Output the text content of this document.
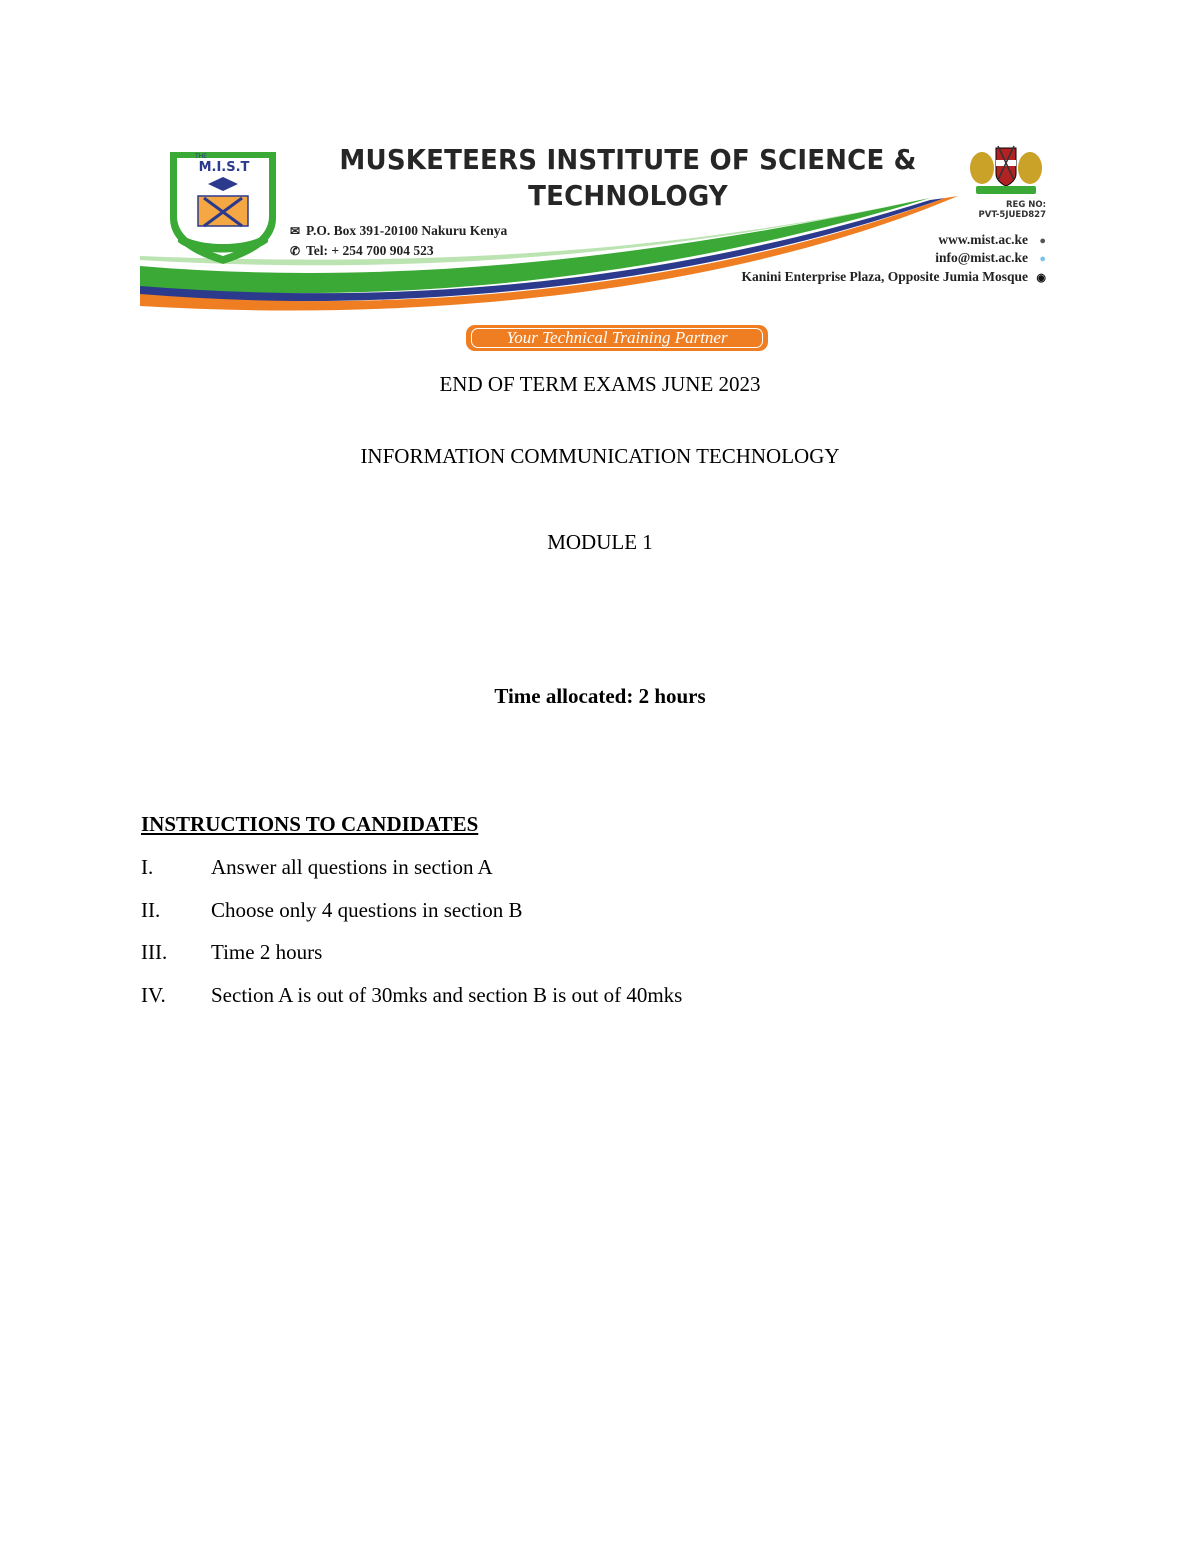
THE
M.I.S.T	MUSKETEERS INSTITUTE OF SCIENCE &
TECHNOLOGY
✉ P.O. Box 391-20100 Nakuru Kenya
✆ Tel: + 254 700 904 523
REG NO:
PVT-5JUED827
www.mist.ac.ke ●
info@mist.ac.ke ●
Kanini Enterprise Plaza, Opposite Jumia Mosque ◉
Your Technical Training Partner
END OF TERM EXAMS JUNE 2023
INFORMATION COMMUNICATION TECHNOLOGY
MODULE 1
Time allocated: 2 hours
INSTRUCTIONS TO CANDIDATES
I.	Answer all questions in section A
II. Choose only 4 questions in section B
III. Time 2 hours
IV. Section A is out of 30mks and section B is out of 40mks
